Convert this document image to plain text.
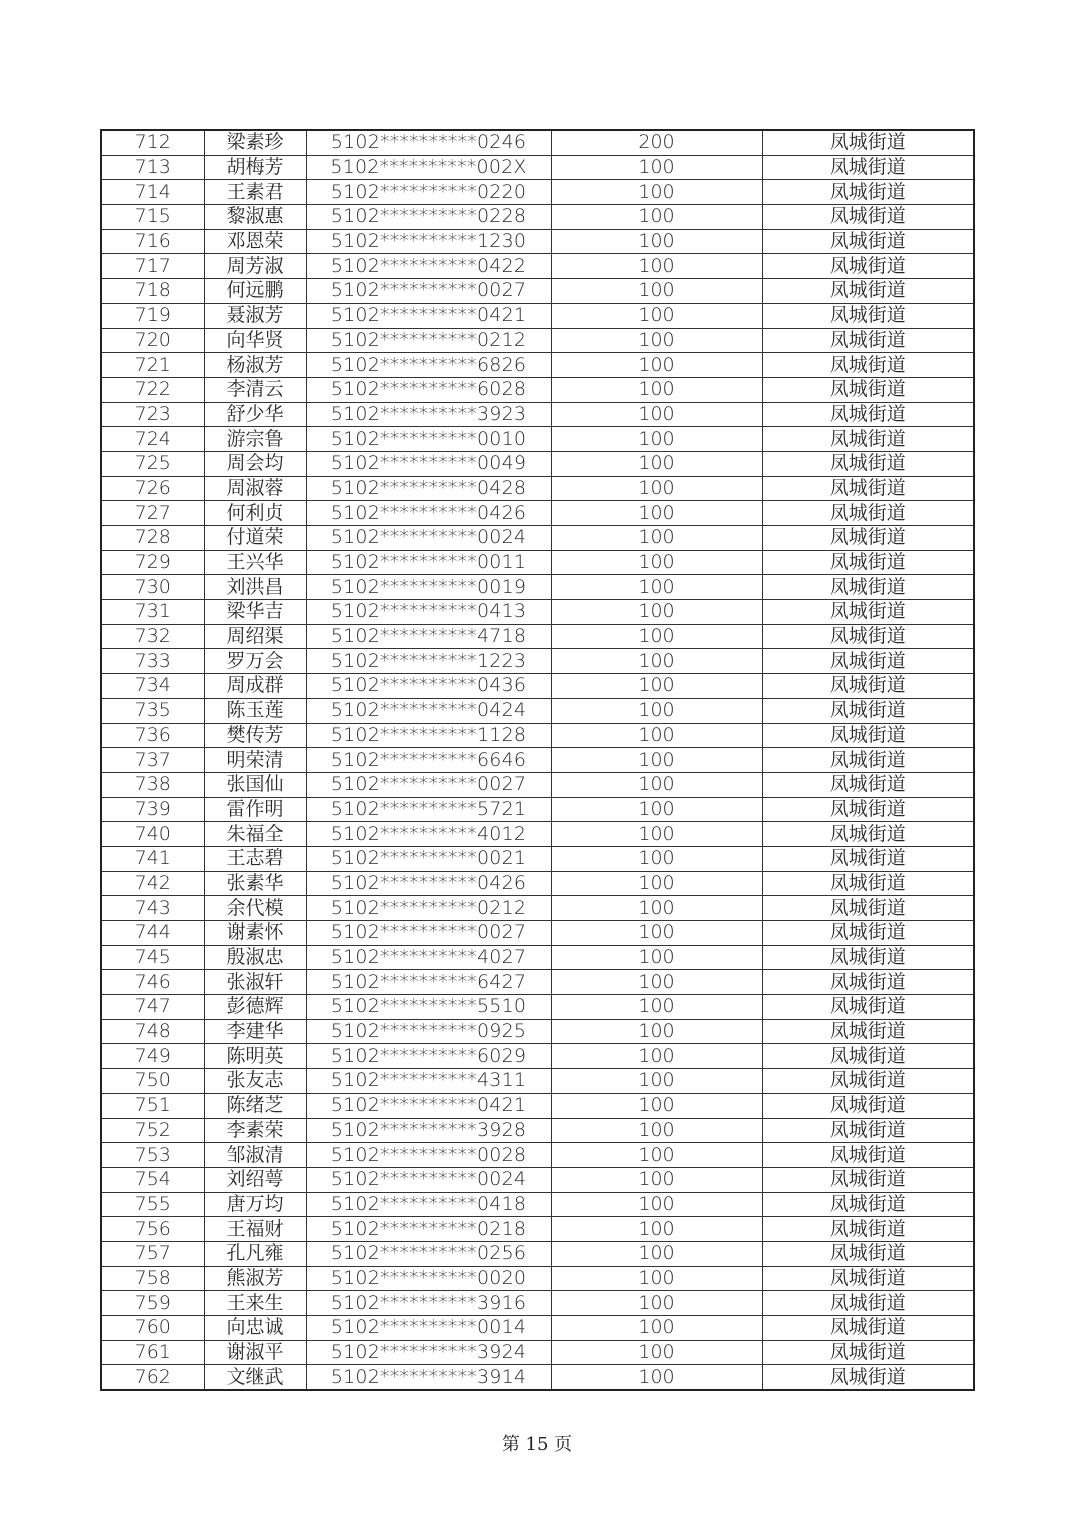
712	梁素珍	5102**********0246	200	凤城街道
713	胡梅芳	5102**********002X	100	凤城街道
714	王素君	5102**********0220	100	凤城街道
715	黎淑惠	5102**********0228	100	凤城街道
716	邓恩荣	5102**********1230	100	凤城街道
717	周芳淑	5102**********0422	100	凤城街道
718	何远鹏	5102**********0027	100	凤城街道
719	聂淑芳	5102**********0421	100	凤城街道
720	向华贤	5102**********0212	100	凤城街道
721	杨淑芳	5102**********6826	100	凤城街道
722	李清云	5102**********6028	100	凤城街道
723	舒少华	5102**********3923	100	凤城街道
724	游宗鲁	5102**********0010	100	凤城街道
725	周会均	5102**********0049	100	凤城街道
726	周淑蓉	5102**********0428	100	凤城街道
727	何利贞	5102**********0426	100	凤城街道
728	付道荣	5102**********0024	100	凤城街道
729	王兴华	5102**********0011	100	凤城街道
730	刘洪昌	5102**********0019	100	凤城街道
731	梁华吉	5102**********0413	100	凤城街道
732	周绍渠	5102**********4718	100	凤城街道
733	罗万会	5102**********1223	100	凤城街道
734	周成群	5102**********0436	100	凤城街道
735	陈玉莲	5102**********0424	100	凤城街道
736	樊传芳	5102**********1128	100	凤城街道
737	明荣清	5102**********6646	100	凤城街道
738	张国仙	5102**********0027	100	凤城街道
739	雷作明	5102**********5721	100	凤城街道
740	朱福全	5102**********4012	100	凤城街道
741	王志碧	5102**********0021	100	凤城街道
742	张素华	5102**********0426	100	凤城街道
743	余代模	5102**********0212	100	凤城街道
744	谢素怀	5102**********0027	100	凤城街道
745	殷淑忠	5102**********4027	100	凤城街道
746	张淑轩	5102**********6427	100	凤城街道
747	彭德辉	5102**********5510	100	凤城街道
748	李建华	5102**********0925	100	凤城街道
749	陈明英	5102**********6029	100	凤城街道
750	张友志	5102**********4311	100	凤城街道
751	陈绪芝	5102**********0421	100	凤城街道
752	李素荣	5102**********3928	100	凤城街道
753	邹淑清	5102**********0028	100	凤城街道
754	刘绍萼	5102**********0024	100	凤城街道
755	唐万均	5102**********0418	100	凤城街道
756	王福财	5102**********0218	100	凤城街道
757	孔凡雍	5102**********0256	100	凤城街道
758	熊淑芳	5102**********0020	100	凤城街道
759	王来生	5102**********3916	100	凤城街道
760	向忠诚	5102**********0014	100	凤城街道
761	谢淑平	5102**********3924	100	凤城街道
762	文继武	5102**********3914	100	凤城街道
第 15 页
